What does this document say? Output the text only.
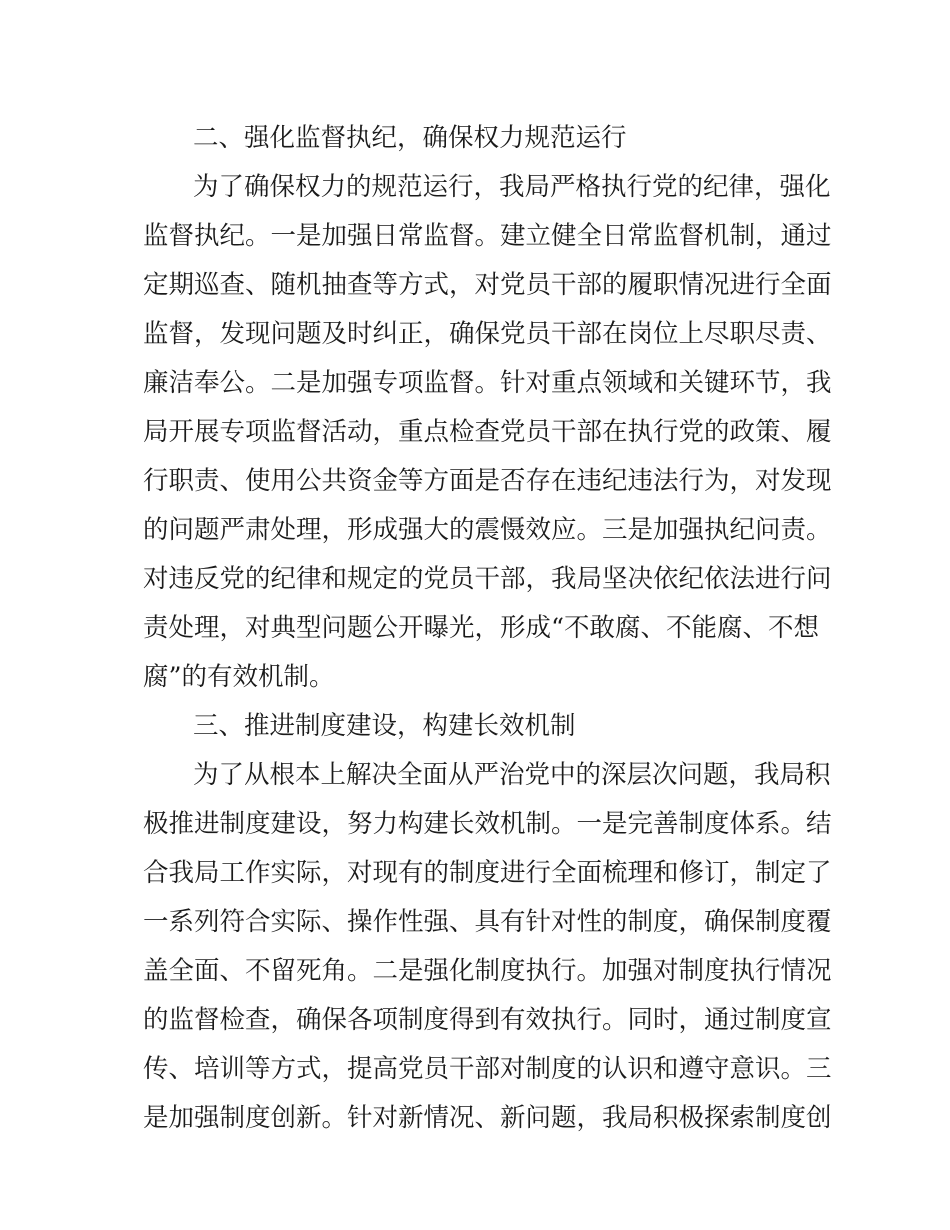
二、强化监督执纪，确保权力规范运行
为了确保权力的规范运行，我局严格执行党的纪律，强化
监督执纪。一是加强日常监督。建立健全日常监督机制，通过
定期巡查、随机抽查等方式，对党员干部的履职情况进行全面
监督，发现问题及时纠正，确保党员干部在岗位上尽职尽责、
廉洁奉公。二是加强专项监督。针对重点领域和关键环节，我
局开展专项监督活动，重点检查党员干部在执行党的政策、履
行职责、使用公共资金等方面是否存在违纪违法行为，对发现
的问题严肃处理，形成强大的震慑效应。三是加强执纪问责。
对违反党的纪律和规定的党员干部，我局坚决依纪依法进行问
责处理，对典型问题公开曝光，形成“不敢腐、不能腐、不想
腐”的有效机制。
三、推进制度建设，构建长效机制
为了从根本上解决全面从严治党中的深层次问题，我局积
极推进制度建设，努力构建长效机制。一是完善制度体系。结
合我局工作实际，对现有的制度进行全面梳理和修订，制定了
一系列符合实际、操作性强、具有针对性的制度，确保制度覆
盖全面、不留死角。二是强化制度执行。加强对制度执行情况
的监督检查，确保各项制度得到有效执行。同时，通过制度宣
传、培训等方式，提高党员干部对制度的认识和遵守意识。三
是加强制度创新。针对新情况、新问题，我局积极探索制度创
